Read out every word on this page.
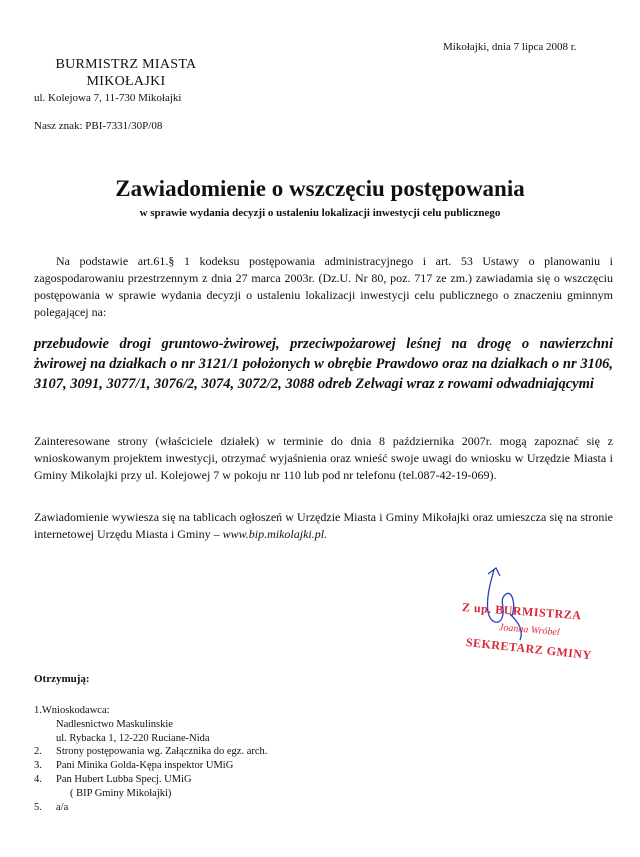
Mikołajki, dnia 7 lipca 2008 r.
BURMISTRZ MIASTA
MIKOŁAJKI
ul. Kolejowa 7, 11-730 Mikołajki
Nasz znak: PBI-7331/30P/08
Zawiadomienie o wszczęciu postępowania
w sprawie wydania decyzji o ustaleniu lokalizacji inwestycji celu publicznego
Na podstawie art.61.§ 1 kodeksu postępowania administracyjnego i art. 53 Ustawy o planowaniu i zagospodarowaniu przestrzennym z dnia 27 marca 2003r. (Dz.U. Nr 80, poz. 717 ze zm.) zawiadamia się o wszczęciu postępowania w sprawie wydania decyzji o ustaleniu lokalizacji inwestycji celu publicznego o znaczeniu gminnym polegającej na:
przebudowie drogi gruntowo-żwirowej, przeciwpożarowej leśnej na drogę o nawierzchni żwirowej na działkach o nr 3121/1 położonych w obrębie Prawdowo oraz na działkach o nr 3106, 3107, 3091, 3077/1, 3076/2, 3074, 3072/2, 3088 odreb Zelwagi wraz z rowami odwadniającymi
Zainteresowane strony (właściciele działek) w terminie do dnia 8 października 2007r. mogą zapoznać się z wnioskowanym projektem inwestycji, otrzymać wyjaśnienia oraz wnieść swoje uwagi do wniosku w Urzędzie Miasta i Gminy Mikolajki przy ul. Kolejowej 7 w pokoju nr 110 lub pod nr telefonu (tel.087-42-19-069).
Zawiadomienie wywiesza się na tablicach ogłoszeń w Urzędzie Miasta i Gminy Mikołajki oraz umieszcza się na stronie internetowej Urzędu Miasta i Gminy – www.bip.mikolajki.pl.
Z up. BURMISTRZA
Joanna Wróbel
SEKRETARZ GMINY
Otrzymują:
1. Wnioskodawca:
Nadlesnictwo Maskulinskie
ul. Rybacka 1, 12-220 Ruciane-Nida
2.	Strony postępowania wg. Załącznika do egz. arch.
3.	Pani Minika Golda-Kępa inspektor UMiG
4.	Pan Hubert Lubba Specj. UMiG
( BIP Gminy Mikołajki)
5.	a/a
